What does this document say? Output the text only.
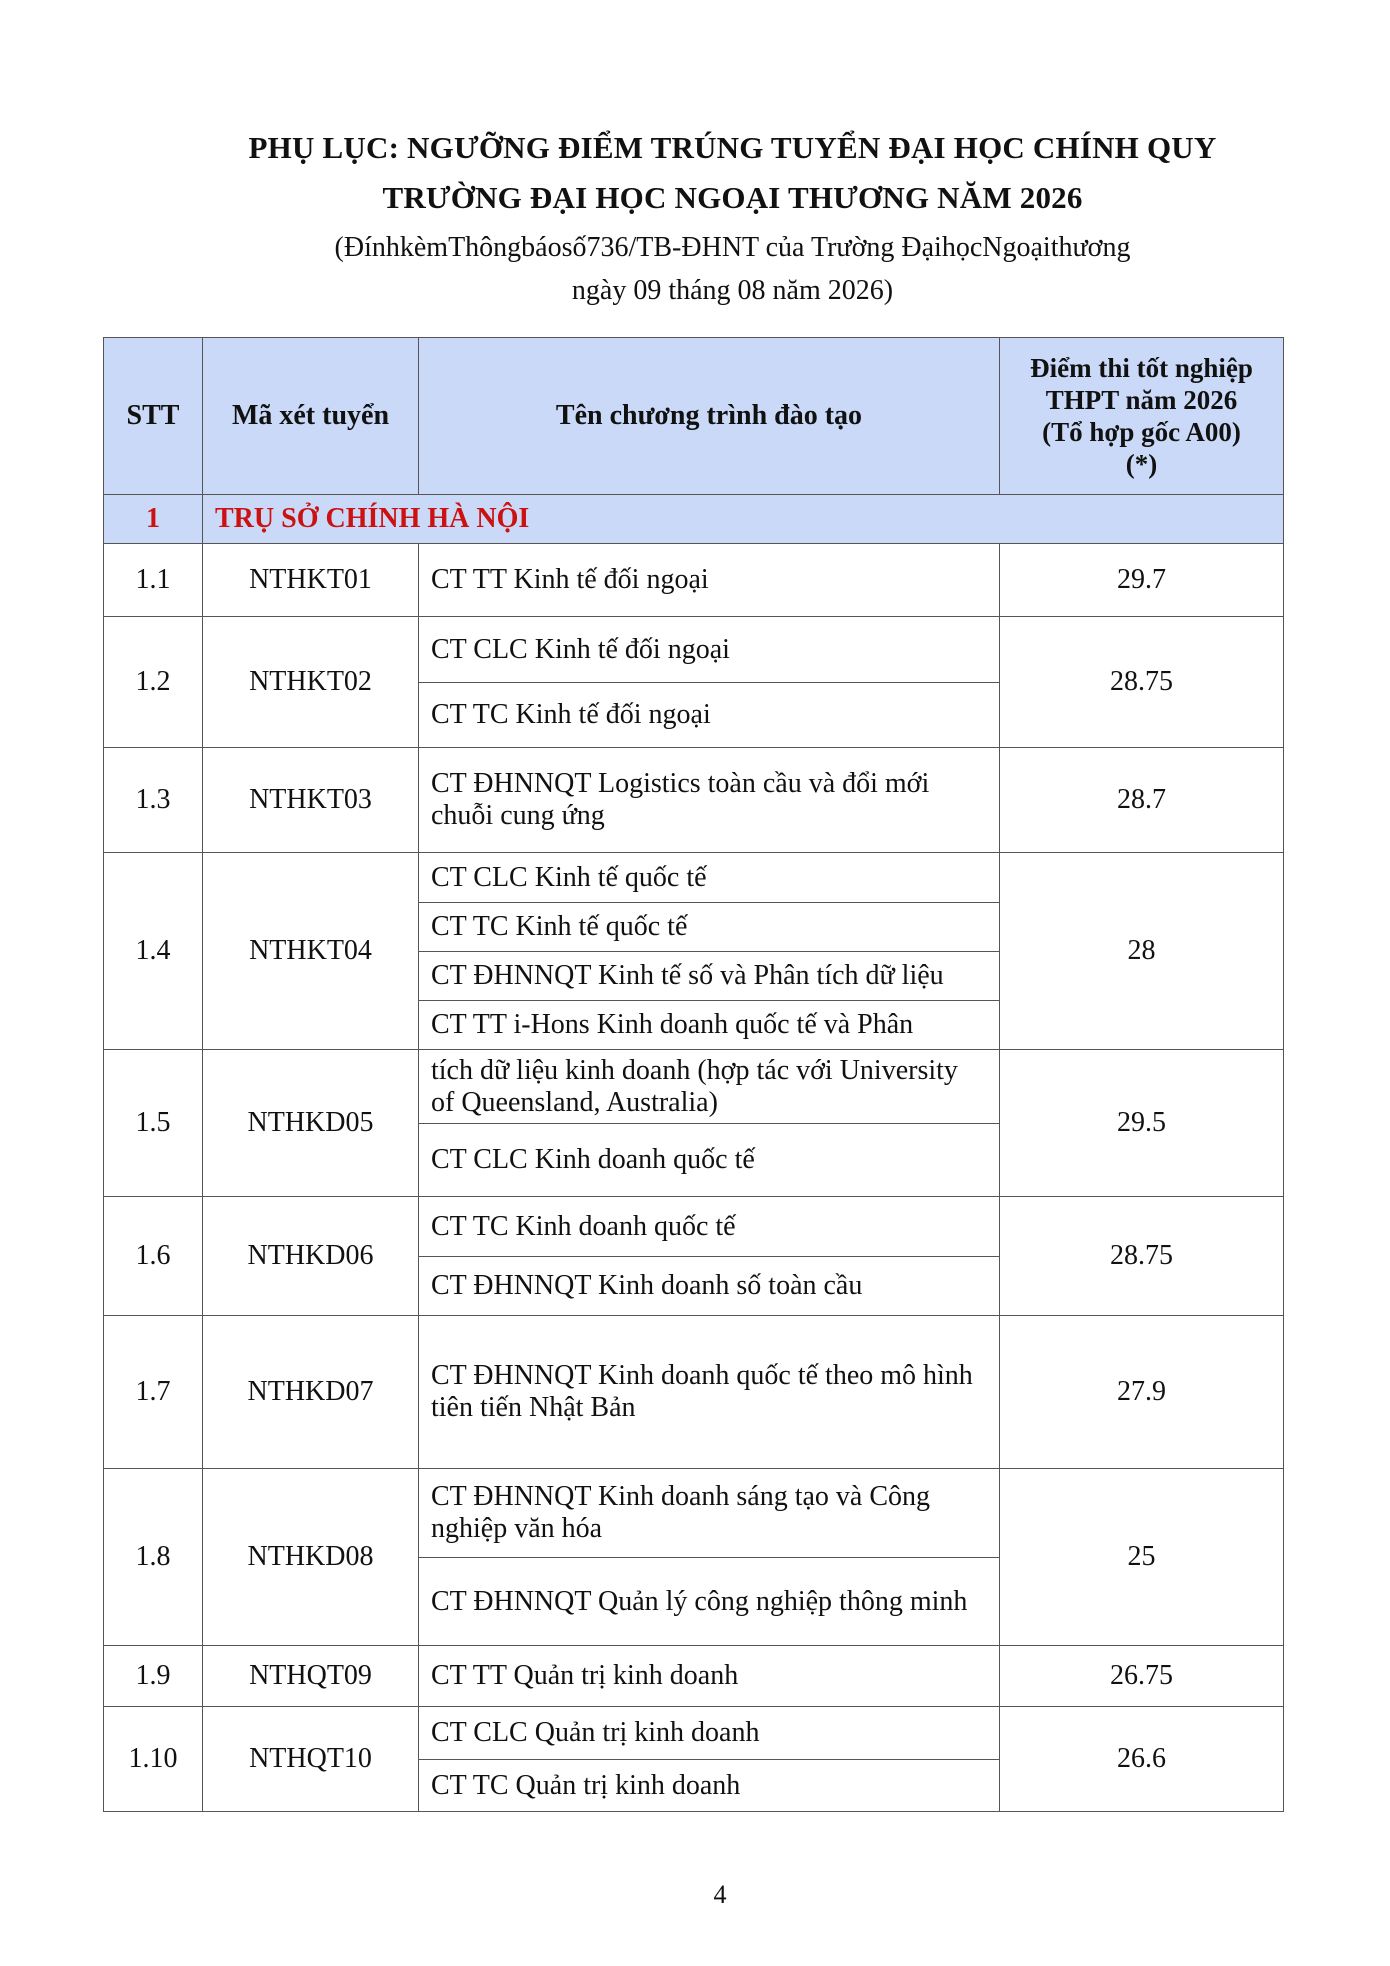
PHỤ LỤC: NGƯỠNG ĐIỂM TRÚNG TUYỂN ĐẠI HỌC CHÍNH QUY
TRƯỜNG ĐẠI HỌC NGOẠI THƯƠNG NĂM 2026
(ĐínhkèmThôngbáosố736/TB-ĐHNT của Trường ĐạihọcNgoạithương
ngày 09 tháng 08 năm 2026)
STT	Mã xét tuyển	Tên chương trình đào tạo	Điểm thi tốt nghiệp
THPT năm 2026
(Tổ hợp gốc A00)
(*)

1	TRỤ SỞ CHÍNH HÀ NỘI		
1.1	NTHKT01	CT TT Kinh tế đối ngoại	29.7
1.2	NTHKT02	CT CLC Kinh tế đối ngoại
CT TC Kinh tế đối ngoại	28.75
1.3	NTHKT03	CT ĐHNNQT Logistics toàn cầu và đổi mới chuỗi cung ứng	28.7
1.4	NTHKT04	CT CLC Kinh tế quốc tế
CT TC Kinh tế quốc tế
CT ĐHNNQT Kinh tế số và Phân tích dữ liệu
CT TT i-Hons Kinh doanh quốc tế và Phân	28
1.5	NTHKD05	tích dữ liệu kinh doanh (hợp tác với University of Queensland, Australia)
CT CLC Kinh doanh quốc tế	29.5
1.6	NTHKD06	CT TC Kinh doanh quốc tế
CT ĐHNNQT Kinh doanh số toàn cầu	28.75
1.7	NTHKD07	CT ĐHNNQT Kinh doanh quốc tế theo mô hình tiên tiến Nhật Bản	27.9
1.8	NTHKD08	CT ĐHNNQT Kinh doanh sáng tạo và Công nghiệp văn hóa
CT ĐHNNQT Quản lý công nghiệp thông minh	25
1.9	NTHQT09	CT TT Quản trị kinh doanh	26.75
1.10	NTHQT10	CT CLC Quản trị kinh doanh
CT TC Quản trị kinh doanh	26.6
4
